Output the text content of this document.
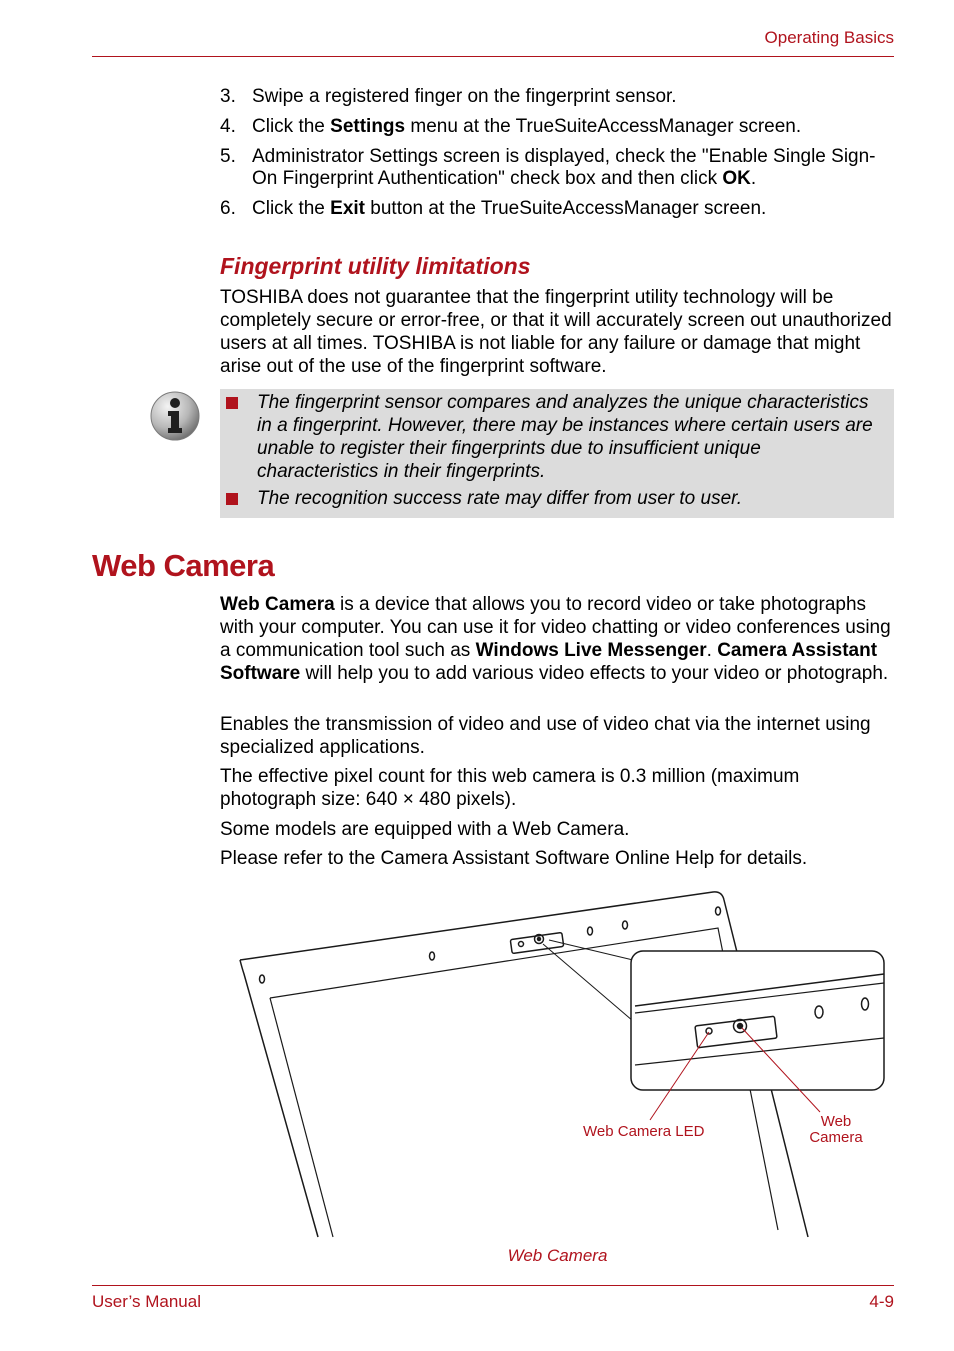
Operating Basics
3. Swipe a registered finger on the fingerprint sensor.
4. Click the Settings menu at the TrueSuiteAccessManager screen.
5. Administrator Settings screen is displayed, check the "Enable Single Sign-On Fingerprint Authentication" check box and then click OK.
6. Click the Exit button at the TrueSuiteAccessManager screen.
Fingerprint utility limitations

TOSHIBA does not guarantee that the fingerprint utility technology will be completely secure or error-free, or that it will accurately screen out unauthorized users at all times. TOSHIBA is not liable for any failure or damage that might arise out of the use of the fingerprint software.

The fingerprint sensor compares and analyzes the unique characteristics in a fingerprint. However, there may be instances where certain users are unable to register their fingerprints due to insufficient unique characteristics in their fingerprints.
The recognition success rate may differ from user to user.
Web Camera

Web Camera is a device that allows you to record video or take photographs with your computer. You can use it for video chatting or video conferences using a communication tool such as Windows Live Messenger. Camera Assistant Software will help you to add various video effects to your video or photograph.

Enables the transmission of video and use of video chat via the internet using specialized applications.

The effective pixel count for this web camera is 0.3 million (maximum photograph size: 640 × 480 pixels).

Some models are equipped with a Web Camera.

Please refer to the Camera Assistant Software Online Help for details.

Web Camera LED
Web
Camera
Web Camera
User’s Manual	4-9
